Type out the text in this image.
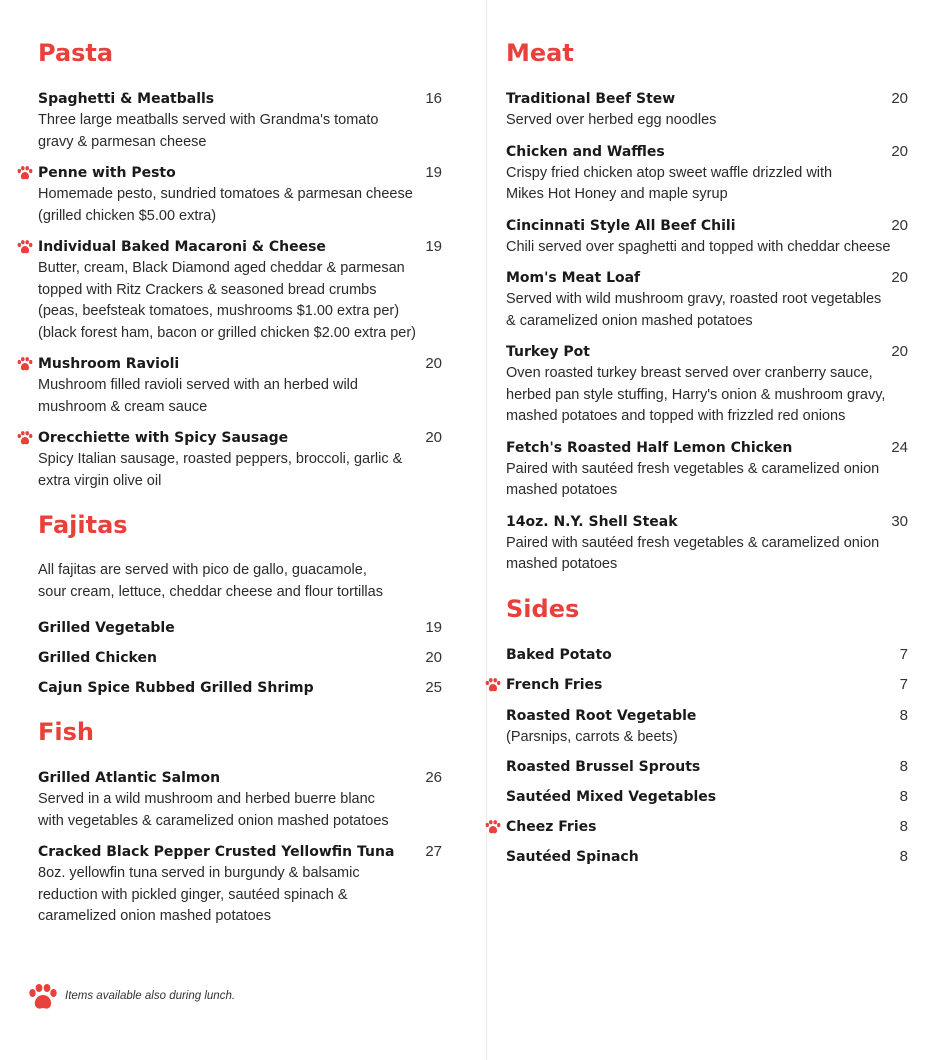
Pasta
Spaghetti & Meatballs	16
Three large meatballs served with Grandma's tomato
gravy & parmesan cheese
Penne with Pesto	19
Homemade pesto, sundried tomatoes & parmesan cheese
(grilled chicken $5.00 extra)
Individual Baked Macaroni & Cheese	19
Butter, cream, Black Diamond aged cheddar & parmesan
topped with Ritz Crackers & seasoned bread crumbs
(peas, beefsteak tomatoes, mushrooms $1.00 extra per)
(black forest ham, bacon or grilled chicken $2.00 extra per)
Mushroom Ravioli	20
Mushroom filled ravioli served with an herbed wild
mushroom & cream sauce
Orecchiette with Spicy Sausage	20
Spicy Italian sausage, roasted peppers, broccoli, garlic &
extra virgin olive oil
Fajitas
All fajitas are served with pico de gallo, guacamole,
sour cream, lettuce, cheddar cheese and flour tortillas
Grilled Vegetable	19
Grilled Chicken	20
Cajun Spice Rubbed Grilled Shrimp	25
Fish
Grilled Atlantic Salmon	26
Served in a wild mushroom and herbed buerre blanc
with vegetables & caramelized onion mashed potatoes
Cracked Black Pepper Crusted Yellowfin Tuna	27
8oz. yellowfin tuna served in burgundy & balsamic
reduction with pickled ginger, sautéed spinach &
caramelized onion mashed potatoes
Meat
Traditional Beef Stew	20
Served over herbed egg noodles
Chicken and Waffles	20
Crispy fried chicken atop sweet waffle drizzled with
Mikes Hot Honey and maple syrup
Cincinnati Style All Beef Chili	20
Chili served over spaghetti and topped with cheddar cheese
Mom's Meat Loaf	20
Served with wild mushroom gravy, roasted root vegetables
& caramelized onion mashed potatoes
Turkey Pot	20
Oven roasted turkey breast served over cranberry sauce,
herbed pan style stuffing, Harry's onion & mushroom gravy,
mashed potatoes and topped with frizzled red onions
Fetch's Roasted Half Lemon Chicken	24
Paired with sautéed fresh vegetables & caramelized onion
mashed potatoes
14oz. N.Y. Shell Steak	30
Paired with sautéed fresh vegetables & caramelized onion
mashed potatoes
Sides
Baked Potato	7
French Fries	7
Roasted Root Vegetable	8
(Parsnips, carrots & beets)
Roasted Brussel Sprouts	8
Sautéed Mixed Vegetables	8
Cheez Fries	8
Sautéed Spinach	8
Items available also during lunch.
